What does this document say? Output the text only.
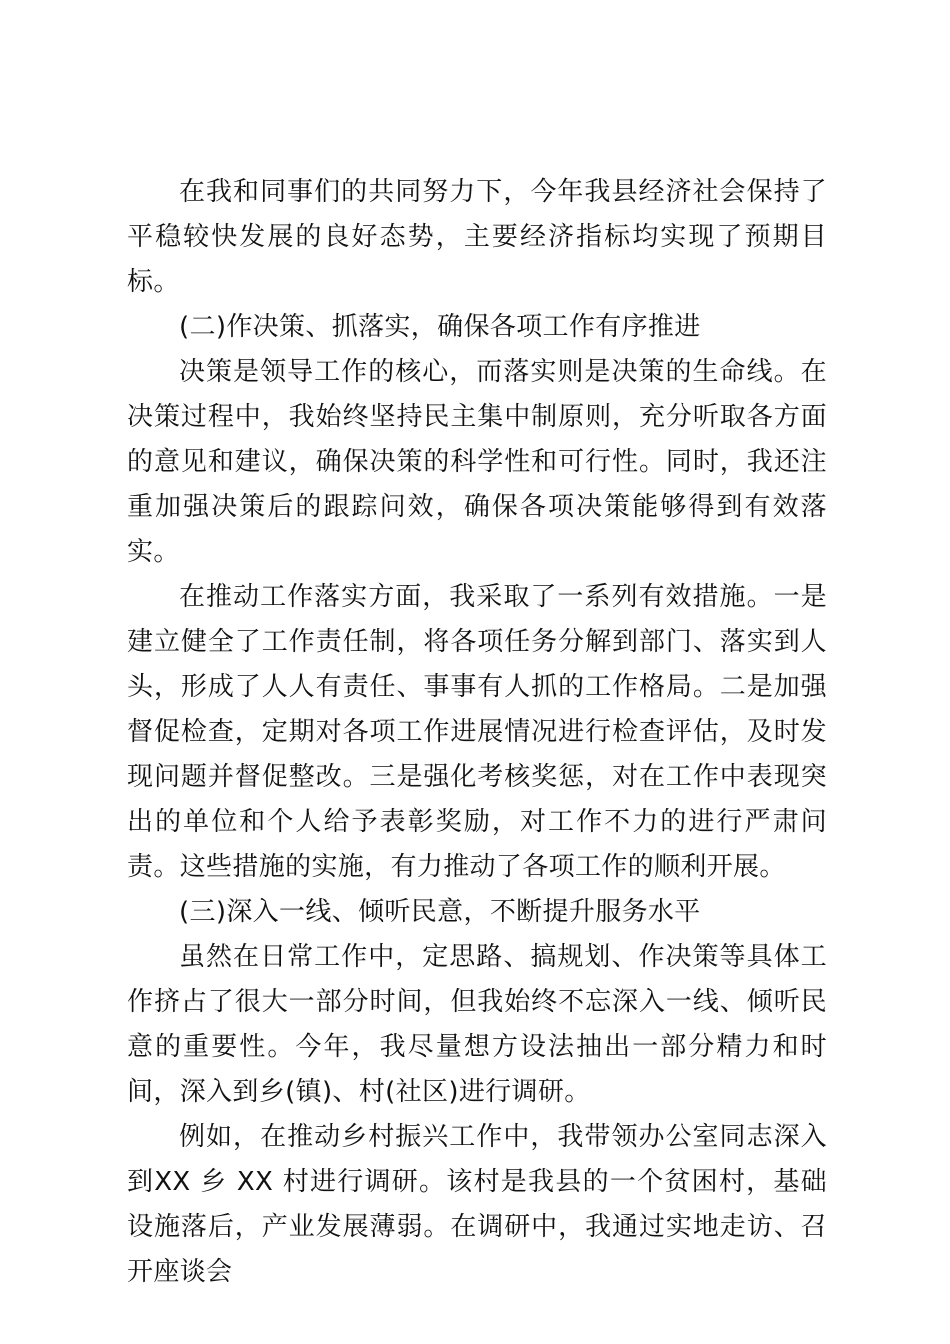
在我和同事们的共同努力下，今年我县经济社会保持了平稳较快发展的良好态势，主要经济指标均实现了预期目标。

(二)作决策、抓落实，确保各项工作有序推进

决策是领导工作的核心，而落实则是决策的生命线。在决策过程中，我始终坚持民主集中制原则，充分听取各方面的意见和建议，确保决策的科学性和可行性。同时，我还注重加强决策后的跟踪问效，确保各项决策能够得到有效落实。

在推动工作落实方面，我采取了一系列有效措施。一是建立健全了工作责任制，将各项任务分解到部门、落实到人头，形成了人人有责任、事事有人抓的工作格局。二是加强督促检查，定期对各项工作进展情况进行检查评估，及时发现问题并督促整改。三是强化考核奖惩，对在工作中表现突出的单位和个人给予表彰奖励，对工作不力的进行严肃问责。这些措施的实施，有力推动了各项工作的顺利开展。

(三)深入一线、倾听民意，不断提升服务水平

虽然在日常工作中，定思路、搞规划、作决策等具体工作挤占了很大一部分时间，但我始终不忘深入一线、倾听民意的重要性。今年，我尽量想方设法抽出一部分精力和时间，深入到乡(镇)、村(社区)进行调研。

例如，在推动乡村振兴工作中，我带领办公室同志深入到XX 乡 XX 村进行调研。该村是我县的一个贫困村，基础设施落后，产业发展薄弱。在调研中，我通过实地走访、召开座谈会
